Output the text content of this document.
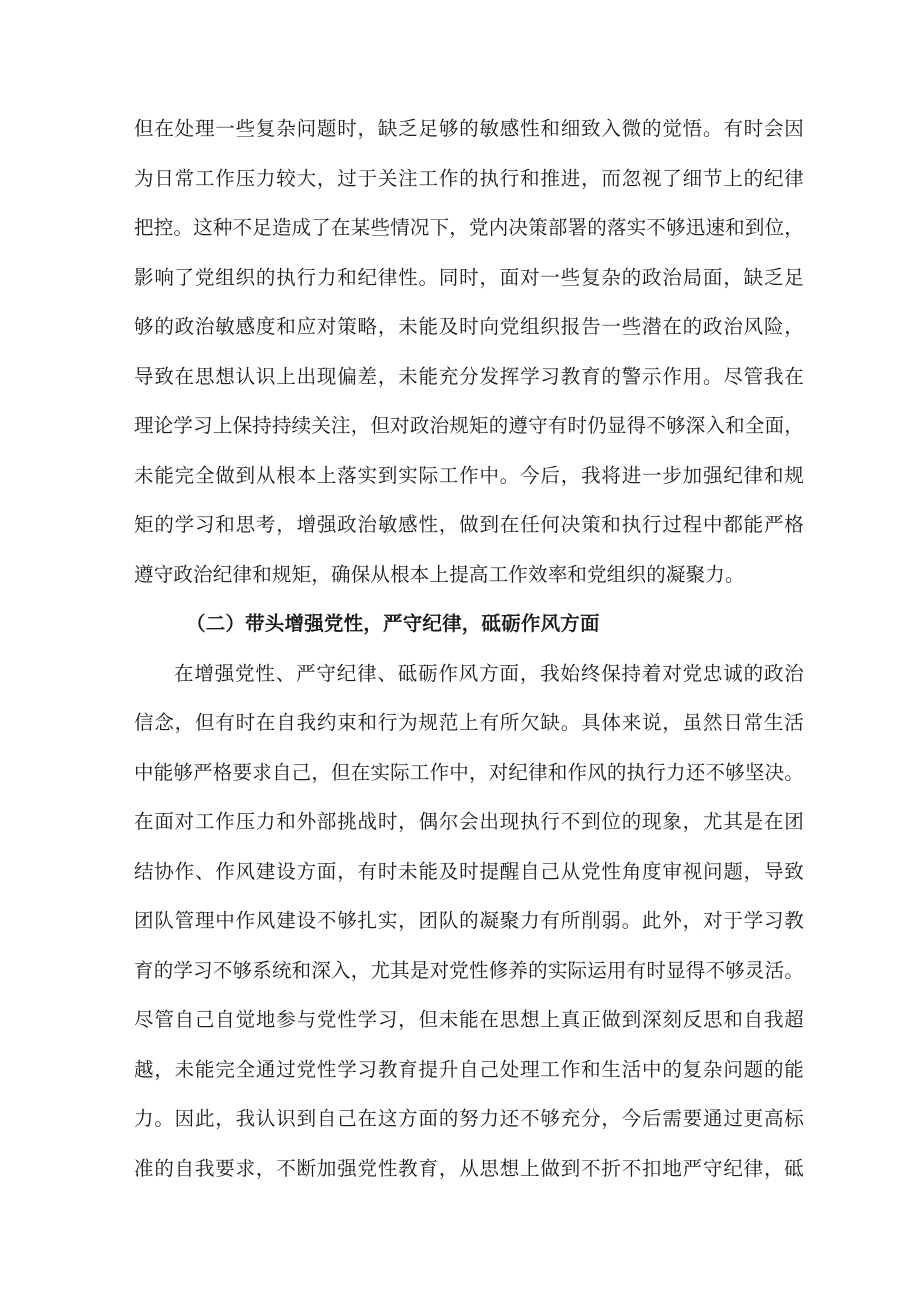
但在处理一些复杂问题时，缺乏足够的敏感性和细致入微的觉悟。有时会因
为日常工作压力较大，过于关注工作的执行和推进，而忽视了细节上的纪律
把控。这种不足造成了在某些情况下，党内决策部署的落实不够迅速和到位，
影响了党组织的执行力和纪律性。同时，面对一些复杂的政治局面，缺乏足
够的政治敏感度和应对策略，未能及时向党组织报告一些潜在的政治风险，
导致在思想认识上出现偏差，未能充分发挥学习教育的警示作用。尽管我在
理论学习上保持持续关注，但对政治规矩的遵守有时仍显得不够深入和全面，
未能完全做到从根本上落实到实际工作中。今后，我将进一步加强纪律和规
矩的学习和思考，增强政治敏感性，做到在任何决策和执行过程中都能严格
遵守政治纪律和规矩，确保从根本上提高工作效率和党组织的凝聚力。
（二）带头增强党性，严守纪律，砥砺作风方面
在增强党性、严守纪律、砥砺作风方面，我始终保持着对党忠诚的政治
信念，但有时在自我约束和行为规范上有所欠缺。具体来说，虽然日常生活
中能够严格要求自己，但在实际工作中，对纪律和作风的执行力还不够坚决。
在面对工作压力和外部挑战时，偶尔会出现执行不到位的现象，尤其是在团
结协作、作风建设方面，有时未能及时提醒自己从党性角度审视问题，导致
团队管理中作风建设不够扎实，团队的凝聚力有所削弱。此外，对于学习教
育的学习不够系统和深入，尤其是对党性修养的实际运用有时显得不够灵活。
尽管自己自觉地参与党性学习，但未能在思想上真正做到深刻反思和自我超
越，未能完全通过党性学习教育提升自己处理工作和生活中的复杂问题的能
力。因此，我认识到自己在这方面的努力还不够充分，今后需要通过更高标
准的自我要求，不断加强党性教育，从思想上做到不折不扣地严守纪律，砥
